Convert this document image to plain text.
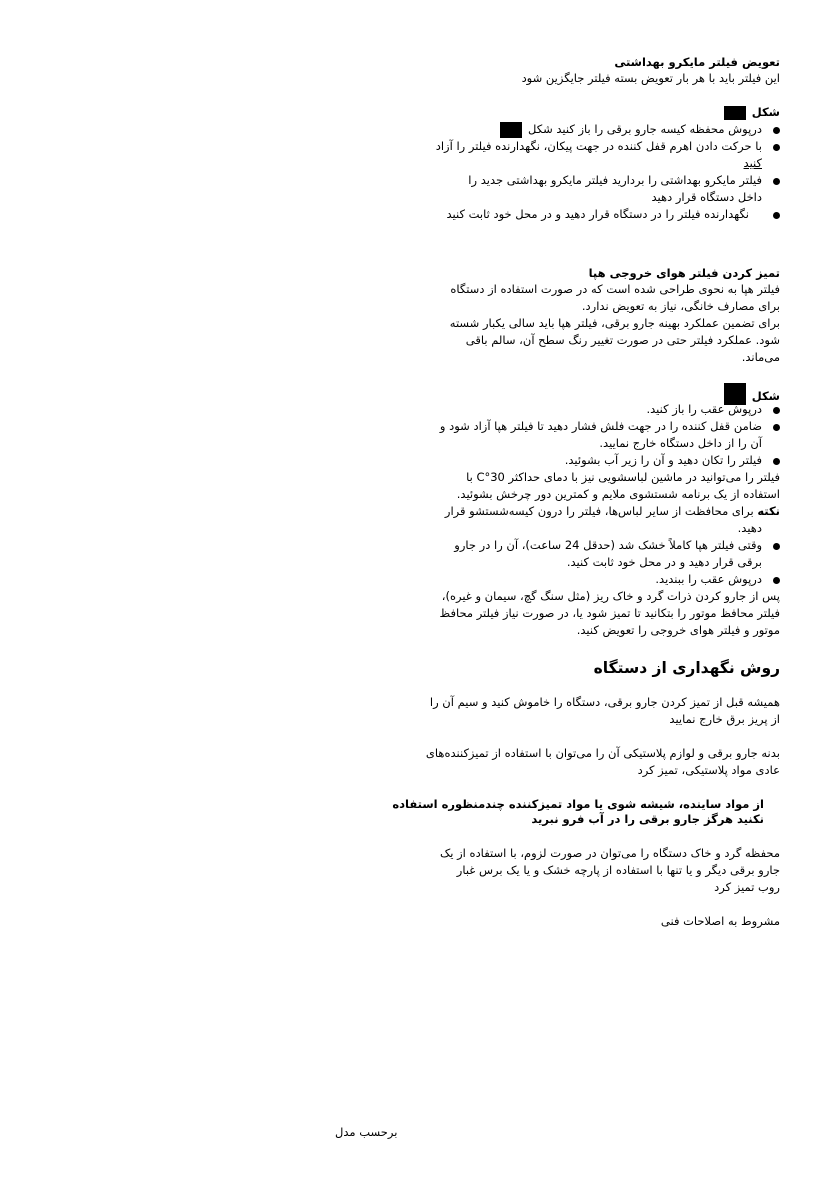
تعویض فیلتر مایکرو بهداشتی
این فیلتر باید با هر بار تعویض بسته فیلتر جایگزین شود
شکل
درپوش محفظه کیسه جارو برقی را باز کنید شکل
با حرکت دادن اهرم قفل کننده در جهت پیکان، نگهدارنده فیلتر را آزاد
کنید
فیلتر مایکرو بهداشتی را بردارید فیلتر مایکرو بهداشتی جدید را
داخل دستگاه قرار دهید
نگهدارنده فیلتر را در دستگاه قرار دهید و در محل خود ثابت کنید
تمیز کردن فیلتر هوای خروجی هپا
فیلتر هپا به نحوی طراحی شده است که در صورت استفاده از دستگاه
برای مصارف خانگی، نیاز به تعویض ندارد.
برای تضمین عملکرد بهینه جارو برقی، فیلتر هپا باید سالی یکبار شسته
شود. عملکرد فیلتر حتی در صورت تغییر رنگ سطح آن، سالم باقی
می‌ماند.
شکل
درپوش عقب را باز کنید.
ضامن قفل کننده را در جهت فلش فشار دهید تا فیلتر هپا آزاد شود و
آن را از داخل دستگاه خارج نمایید.
فیلتر را تکان دهید و آن را زیر آب بشوئید.
فیلتر را می‌توانید در ماشین لباسشویی نیز با دمای حداکثر 30°C با
استفاده از یک برنامه شستشوی ملایم و کمترین دور چرخش بشوئید.
نکته برای محافظت از سایر لباس‌ها، فیلتر را درون کیسه‌شستشو قرار
دهید.
وقتی فیلتر هپا کاملاً خشک شد (حدقل 24 ساعت)، آن را در جارو
برقی قرار دهید و در محل خود ثابت کنید.
درپوش عقب را ببندید.
پس از جارو کردن ذرات گرد و خاک ریز (مثل سنگ گچ، سیمان و غیره)،
فیلتر محافظ موتور را بتکانید تا تمیز شود یا، در صورت نیاز فیلتر محافظ
موتور و فیلتر هوای خروجی را تعویض کنید.
روش نگهداری از دستگاه
همیشه قبل از تمیز کردن جارو برقی، دستگاه را خاموش کنید و سیم آن را
از پریز برق خارج نمایید
بدنه جارو برقی و لوازم پلاستیکی آن را می‌توان با استفاده از تمیزکننده‌های
عادی مواد پلاستیکی، تمیز کرد
از مواد ساینده، شیشه شوی یا مواد تمیزکننده چندمنظوره استفاده
نکنید هرگز جارو برقی را در آب فرو نبرید
محفظه گرد و خاک دستگاه را می‌توان در صورت لزوم، با استفاده از یک
جارو برقی دیگر و یا تنها با استفاده از پارچه خشک و یا یک برس غبار
روب تمیز کرد
مشروط به اصلاحات فنی
برحسب مدل
